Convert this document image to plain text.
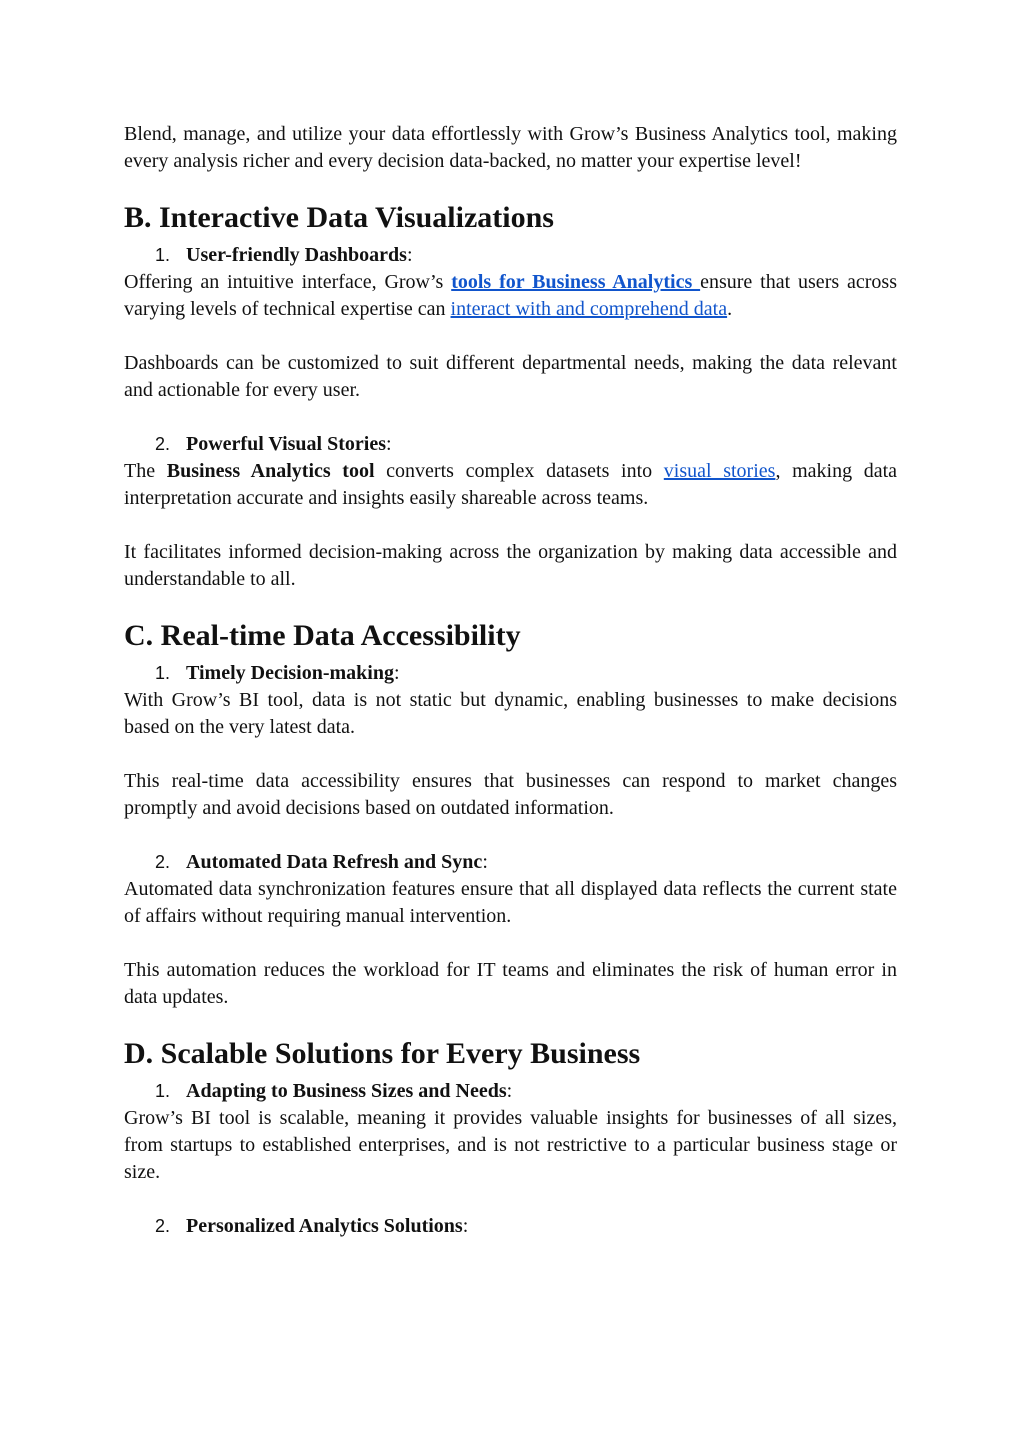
Blend, manage, and utilize your data effortlessly with Grow’s Business Analytics tool, making every analysis richer and every decision data-backed, no matter your expertise level!

B. Interactive Data Visualizations

1. User-friendly Dashboards:

Offering an intuitive interface, Grow’s tools for Business Analytics ensure that users across varying levels of technical expertise can interact with and comprehend data.

Dashboards can be customized to suit different departmental needs, making the data relevant and actionable for every user.

2. Powerful Visual Stories:

The Business Analytics tool converts complex datasets into visual stories, making data interpretation accurate and insights easily shareable across teams.

It facilitates informed decision-making across the organization by making data accessible and understandable to all.

C. Real-time Data Accessibility

1. Timely Decision-making:

With Grow’s BI tool, data is not static but dynamic, enabling businesses to make decisions based on the very latest data.

This real-time data accessibility ensures that businesses can respond to market changes promptly and avoid decisions based on outdated information.

2. Automated Data Refresh and Sync:

Automated data synchronization features ensure that all displayed data reflects the current state of affairs without requiring manual intervention.

This automation reduces the workload for IT teams and eliminates the risk of human error in data updates.

D. Scalable Solutions for Every Business

1. Adapting to Business Sizes and Needs:

Grow’s BI tool is scalable, meaning it provides valuable insights for businesses of all sizes, from startups to established enterprises, and is not restrictive to a particular business stage or size.

2. Personalized Analytics Solutions:
